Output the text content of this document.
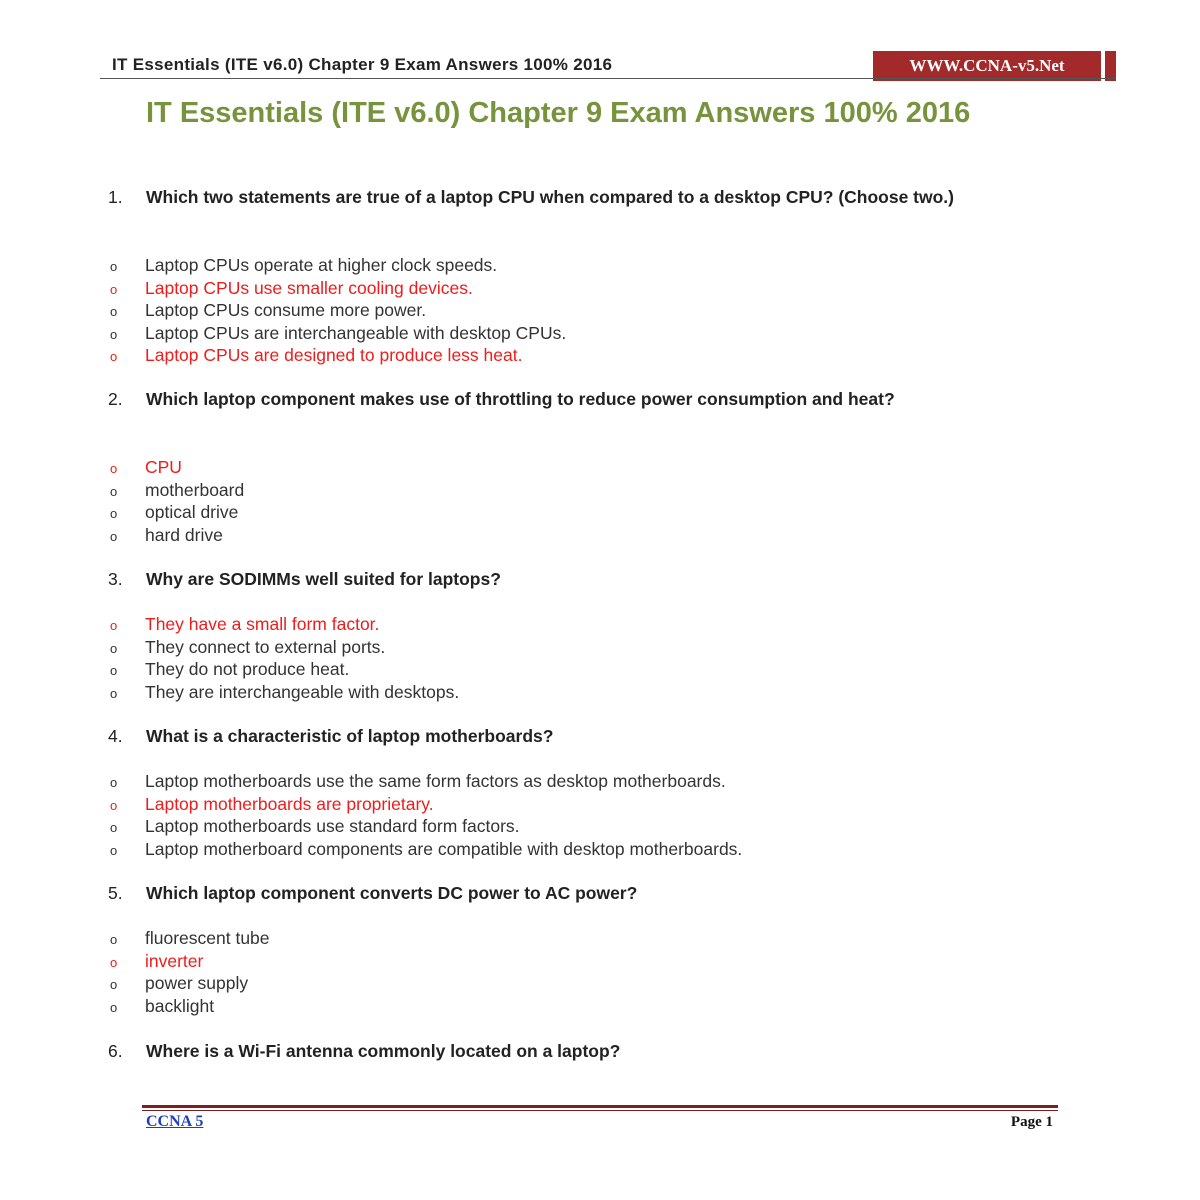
IT Essentials (ITE v6.0) Chapter 9 Exam Answers 100% 2016	WWW.CCNA-v5.Net
IT Essentials (ITE v6.0) Chapter 9 Exam Answers 100% 2016
1. Which two statements are true of a laptop CPU when compared to a desktop CPU? (Choose two.)
o Laptop CPUs operate at higher clock speeds.
o Laptop CPUs use smaller cooling devices.
o Laptop CPUs consume more power.
o Laptop CPUs are interchangeable with desktop CPUs.
o Laptop CPUs are designed to produce less heat.
2. Which laptop component makes use of throttling to reduce power consumption and heat?
o CPU
o motherboard
o optical drive
o hard drive
3. Why are SODIMMs well suited for laptops?
o They have a small form factor.
o They connect to external ports.
o They do not produce heat.
o They are interchangeable with desktops.
4. What is a characteristic of laptop motherboards?
o Laptop motherboards use the same form factors as desktop motherboards.
o Laptop motherboards are proprietary.
o Laptop motherboards use standard form factors.
o Laptop motherboard components are compatible with desktop motherboards.
5. Which laptop component converts DC power to AC power?
o fluorescent tube
o inverter
o power supply
o backlight
6. Where is a Wi-Fi antenna commonly located on a laptop?
CCNA 5	Page 1
